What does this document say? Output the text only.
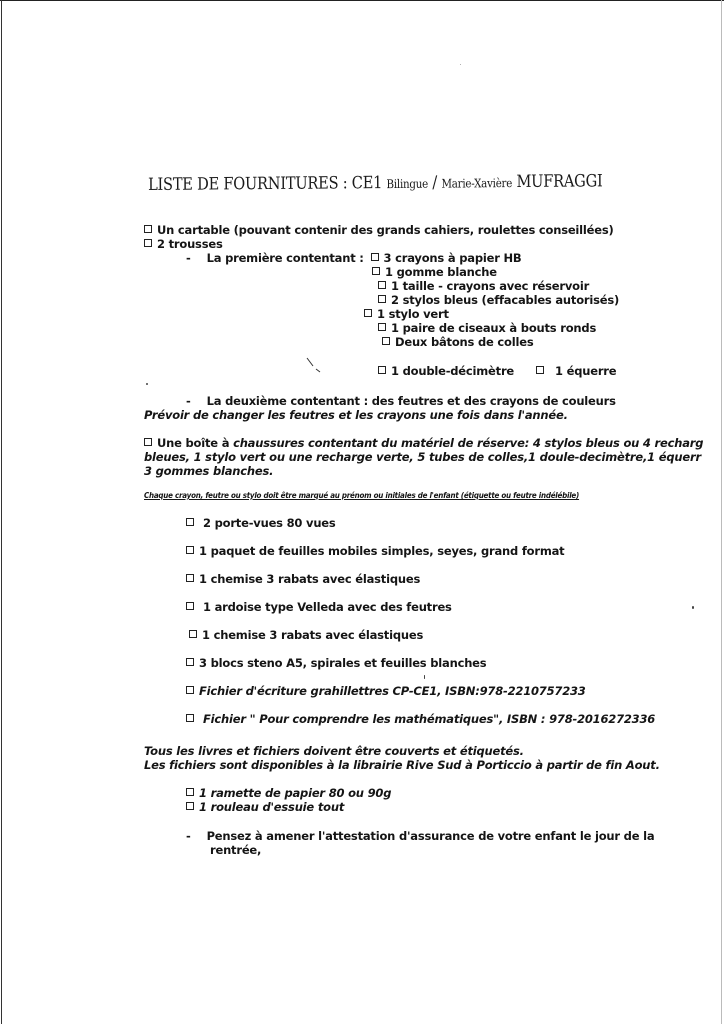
LISTE DE FOURNITURES : CE1 Bilingue / Marie-Xavière MUFRAGGI
Un cartable (pouvant contenir des grands cahiers, roulettes conseillées)
2 trousses
- La première contentant : 3 crayons à papier HB
1 gomme blanche
1 taille - crayons avec réservoir
2 stylos bleus (effacables autorisés)
1 stylo vert
1 paire de ciseaux à bouts ronds
Deux bâtons de colles
1 double-décimètre	1 équerre
- La deuxième contentant : des feutres et des crayons de couleurs
Prévoir de changer les feutres et les crayons une fois dans l'année.
Une boîte à chaussures contentant du matériel de réserve: 4 stylos bleus ou 4 recharg
bleues, 1 stylo vert ou une recharge verte, 5 tubes de colles,1 doule-decimètre,1 équerr
3 gommes blanches.
Chaque crayon, feutre ou stylo doit être marqué au prénom ou initiales de l'enfant (étiquette ou feutre indélébile)
2 porte-vues 80 vues
1 paquet de feuilles mobiles simples, seyes, grand format
1 chemise 3 rabats avec élastiques
1 ardoise type Velleda avec des feutres
1 chemise 3 rabats avec élastiques
3 blocs steno A5, spirales et feuilles blanches
Fichier d'écriture grahillettres CP-CE1, ISBN:978-2210757233
Fichier " Pour comprendre les mathématiques", ISBN : 978-2016272336
Tous les livres et fichiers doivent être couverts et étiquetés.
Les fichiers sont disponibles à la librairie Rive Sud à Porticcio à partir de fin Aout.
1 ramette de papier 80 ou 90g
1 rouleau d'essuie tout
- Pensez à amener l'attestation d'assurance de votre enfant le jour de la
rentrée,
